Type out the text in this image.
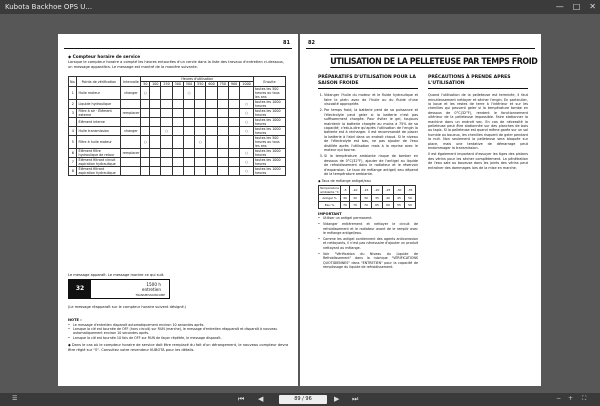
Kubota Backhoe OPS U...	— □ ✕
81
◆ Compteur horaire de service
Lorsque le compteur horaire a compté les heures entourées d'un cercle dans la liste des travaux d'entretien ci-dessous, un message apparaîtra. Le message est montré de la manière suivante.
No.	Points de vérification	Intervalle	Heures d'utilisation										Ensuite
			50	100	250	300	500	550	600	750	900	1000	
1	Huile moteur	changer	○				○						toutes les 500 heures ou tous les ans
2	Liquide hydraulique											○	toutes les 1000 heures
3	Filtre à air · Élément externe	remplacer										○	toutes les 1000 heures
	Élément interne											○	toutes les 1000 heures
4	Huile transmission	changer			○							○	toutes les 1000 heures
5	Filtre à huile moteur		○					○					toutes les 500 heures ou tous les ans
6	Élément filtre hydraulique de retour	remplacer										○	toutes les 1000 heures
7	Élément filtrant circuit aspiration hydraulique											○	toutes les 1000 heures
8	Élément filtrant aspiration hydraulique											○	toutes les 1000 heures
Le message apparaît. Le message montre ce qui suit.
32
1500 h
entretien
TRANSMISSIONCOMP
(Le message réapparaît sur le compteur horaire suivent désigné.)
NOTE :
• Le message d'entretien disparaît automatiquement environ 10 secondes après.
• Lorsque la clé est tournée de OFF (hors circuit) sur RUN (marche), le message d'entretien réapparaît et disparaît à nouveau automatiquement environ 10 secondes après.
• Lorsque la clé est tournée 10 fois de OFF sur RUN de façon répétée, le message disparaît.
◆ Dans le cas où le compteur horaire de service doit être remplacé du fait d'un dérangement, le nouveau compteur devra être réglé sur "0". Consultez votre revendeur KUBOTA pour les détails.
82
UTILISATION DE LA PELLETEUSE PAR TEMPS FROID
PRÉPARATIFS D'UTILISATION POUR LA SAISON FROIDE
1. Vidanger l'huile du moteur et le fluide hydraulique et faire le plein avec de l'huile ou du fluide d'une viscosité appropriée.
2. Par temps froid, la batterie perd de sa puissance et l'électrolyte peut geler si la batterie n'est pas suffisamment chargée. Pour éviter le gel, toujours maintenir la batterie chargée au moins à 75% de sa capacité; c'est-à-dire qu'après l'utilisation de l'engin la batterie est à recharger. Il est recommandé de placer la batterie à l'abri dans un endroit chaud. Si le niveau de l'électrolyte est bas, ne pas ajouter de l'eau distillée après l'utilisation mais à la reprise avec le moteur qui tourne.
3. Si la température ambiante risque de tomber en dessous de 0°C(32°F), ajouter de l'antigel au liquide de refroidissement dans le radiateur et le réservoir d'expansion. Le taux de mélange antigel/ eau dépend de la température ambiante.

◆ Taux de mélange antigel/eau

Température ambiante °C	-5	-10	-15	-20	-25	-30	-35
Antigel %	30	30	30	35	40	45	50
Eau %	70	70	70	65	60	55	50
IMPORTANT
• Utiliser un antigel permanent.
• Vidanger entièrement et nettoyer le circuit de refroidissement et le radiateur avant de le remplir avec le mélange antigel/eau.
• Comme les antigel contiennent des agents anticorrosion et nettoyants, il n'est pas nécessaire d'ajouter un produit nettoyant au mélange.
• Voir "Vérification du Niveau du Liquide de Refroidissement" dans la rubrique "VÉRIFICATIONS QUOTIDIENNES" dans "ENTRETIEN" pour la capacité de remplissage du liquide de refroidissement.
PRÉCAUTIONS À PRENDE APRES L'UTILISATION

Quand l'utilisation de la pelleteuse est terminée, il faut minutieusement nettoyer et sécher l'engin. En particulier, la boue et les restes de terre à l'intérieur et sur les chenilles qui peuvent geler si la température tombe en dessous de 0°C(32°F), rendent le fonctionnement ultérieur de la pelleteuse impossible. Faire stationner la machine dans un endroit sec. En cas de nécessité la pelleteuse peut être stationnée sur des planches de bois ou tapis. Si la pelleteuse est quand même garée sur un sol humide ou boueux, les chenilles risquent de geler pendant la nuit. Non seulement la pelleteuse sera bloquée sur place, mais une tentative de démarrage peut endommager la transmission.

Il est également important d'essuyer les tiges des pistons des vérins pour les sécher complètement. La pénétration de l'eau sale ou boueuse dans les joints des vérins peut entraîner des dommages lors de la mise en marche.

☰	⏮ ◀	89 / 96	▶ ⏭	− + ⛶
